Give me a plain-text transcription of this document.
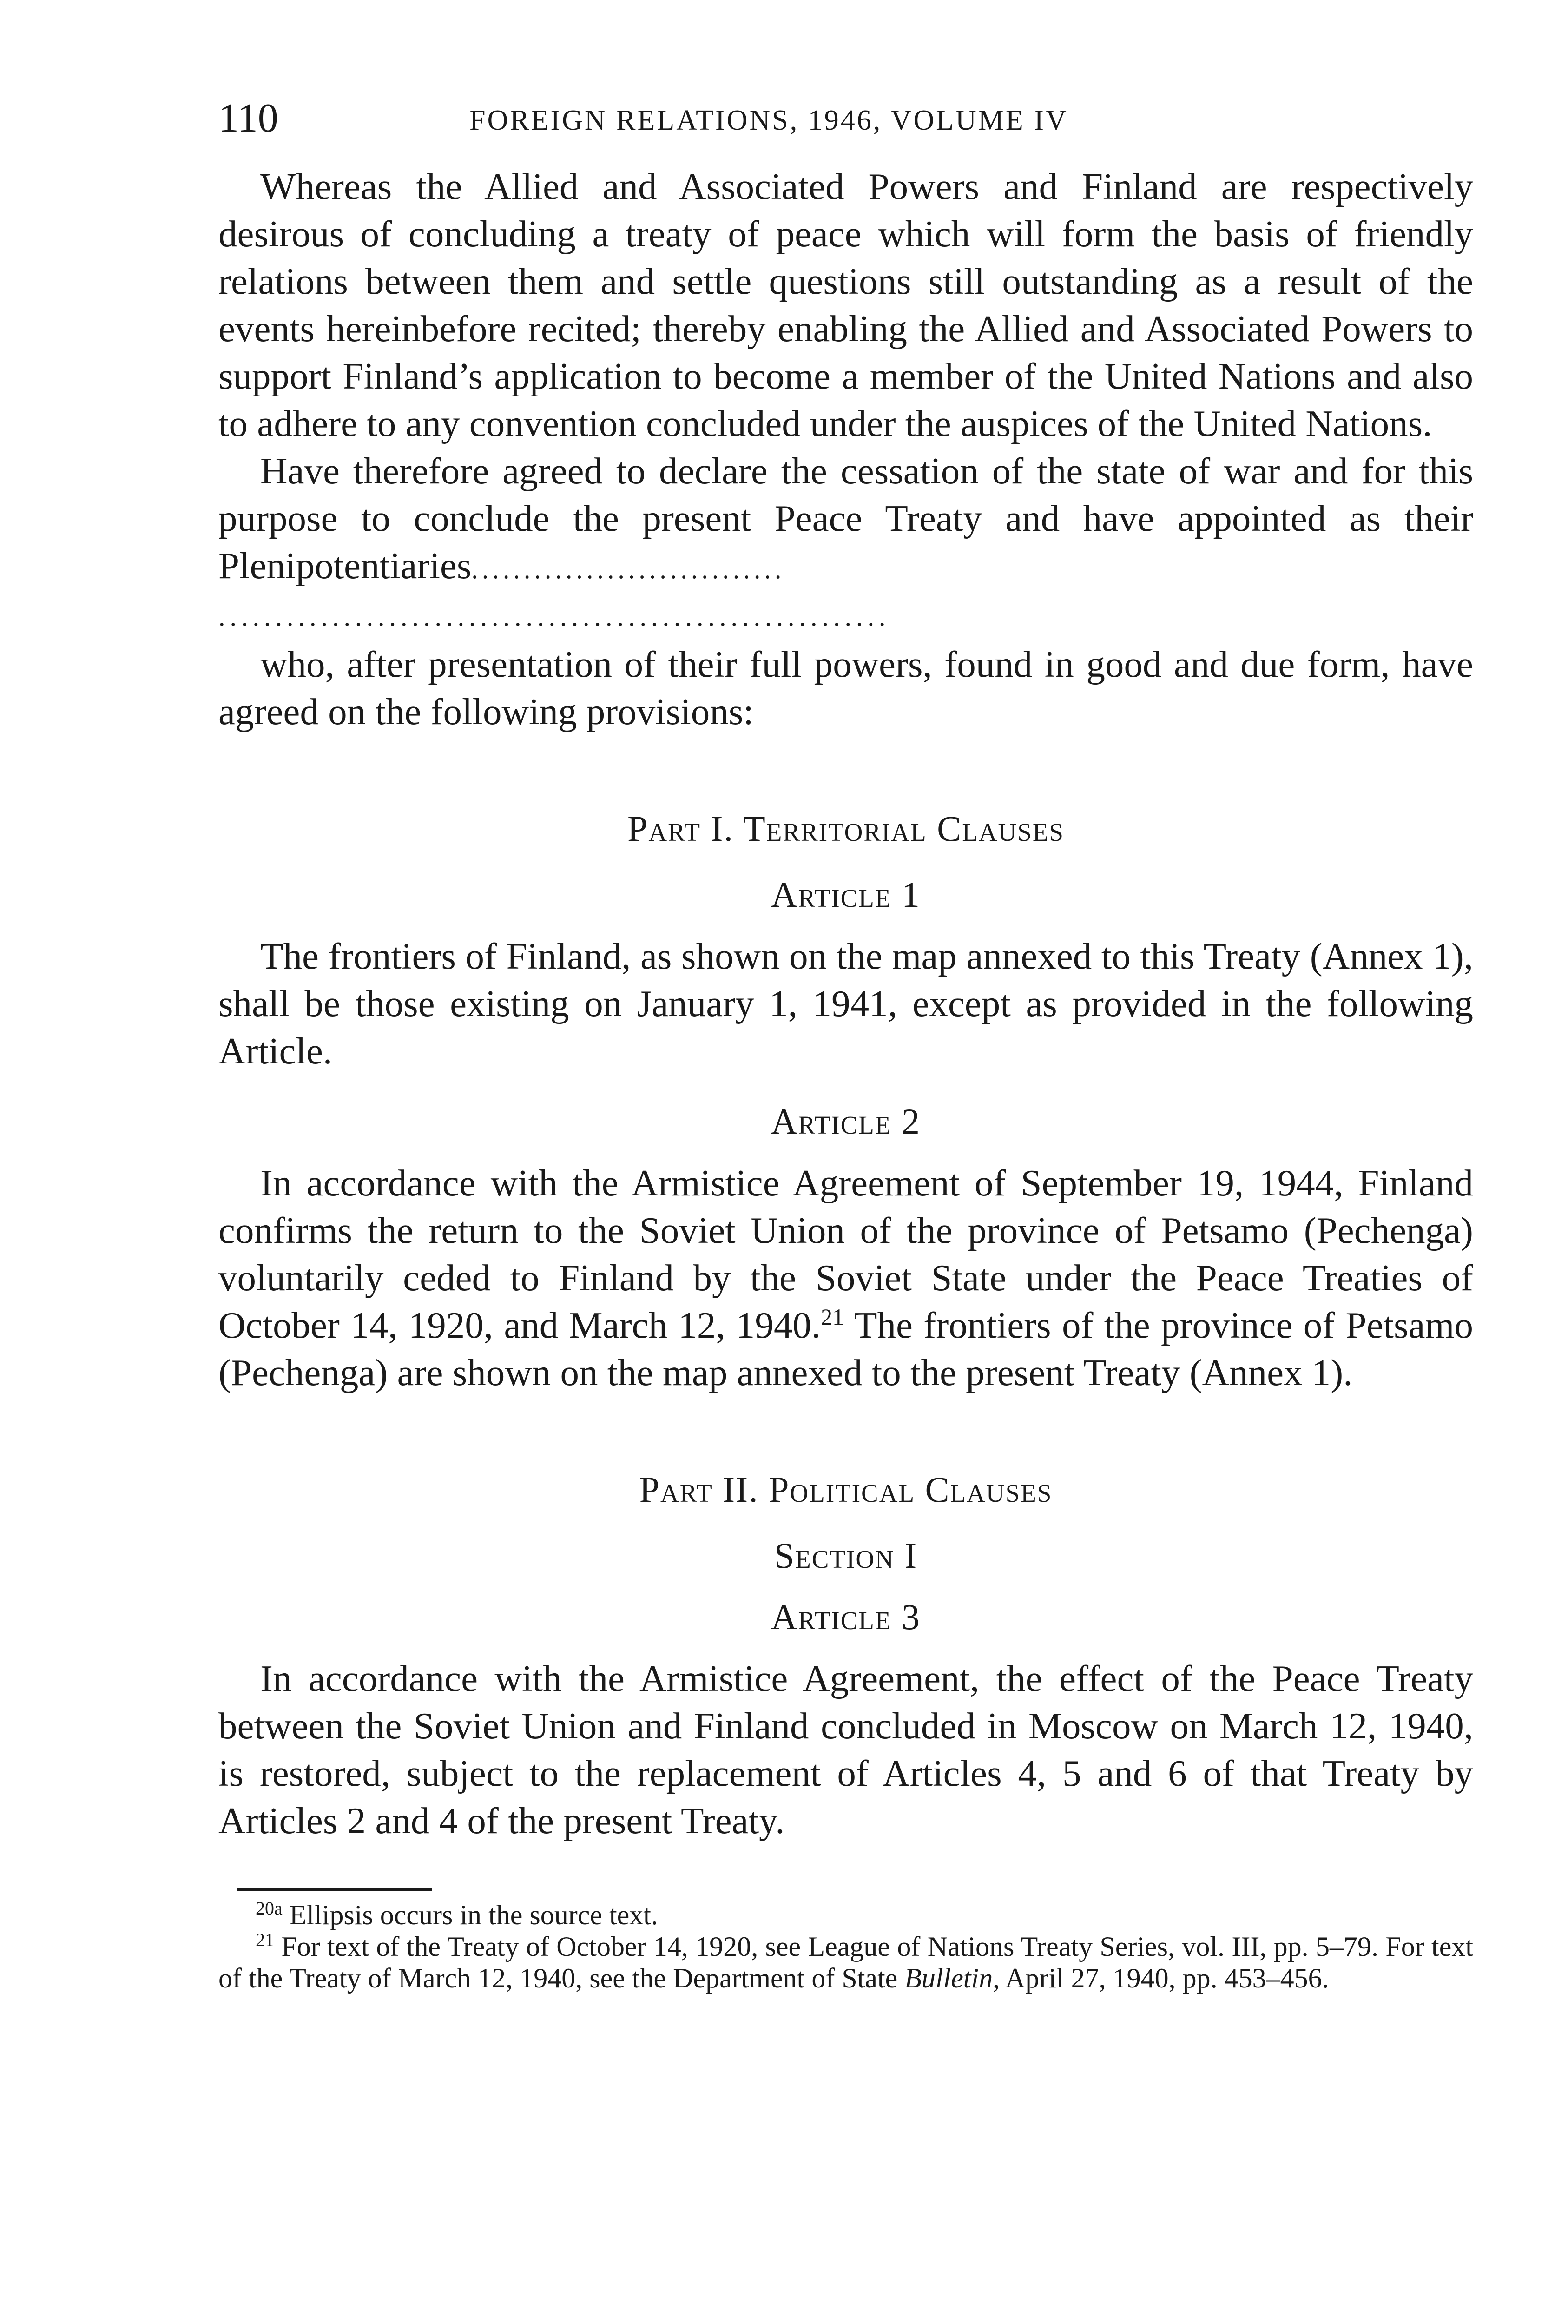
110	FOREIGN RELATIONS, 1946, VOLUME IV

Whereas the Allied and Associated Powers and Finland are respectively desirous of concluding a treaty of peace which will form the basis of friendly relations between them and settle questions still outstanding as a result of the events hereinbefore recited; thereby enabling the Allied and Associated Powers to support Finland’s application to become a member of the United Nations and also to adhere to any convention concluded under the auspices of the United Nations.

Have therefore agreed to declare the cessation of the state of war and for this purpose to conclude the present Peace Treaty and have appointed as their Plenipotentiaries..............................

...........................................................

who, after presentation of their full powers, found in good and due form, have agreed on the following provisions:

Part I. Territorial Clauses
Article 1

The frontiers of Finland, as shown on the map annexed to this Treaty (Annex 1), shall be those existing on January 1, 1941, except as provided in the following Article.

Article 2

In accordance with the Armistice Agreement of September 19, 1944, Finland confirms the return to the Soviet Union of the province of Petsamo (Pechenga) voluntarily ceded to Finland by the Soviet State under the Peace Treaties of October 14, 1920, and March 12, 1940.21 The frontiers of the province of Petsamo (Pechenga) are shown on the map annexed to the present Treaty (Annex 1).

Part II. Political Clauses
Section I
Article 3

In accordance with the Armistice Agreement, the effect of the Peace Treaty between the Soviet Union and Finland concluded in Moscow on March 12, 1940, is restored, subject to the replacement of Articles 4, 5 and 6 of that Treaty by Articles 2 and 4 of the present Treaty.

$^{20a}$ Ellipsis occurs in the source text.

$^{21}$ For text of the Treaty of October 14, 1920, see League of Nations Treaty Series, vol. III, pp. 5–79. For text of the Treaty of March 12, 1940, see the Department of State Bulletin, April 27, 1940, pp. 453–456.
